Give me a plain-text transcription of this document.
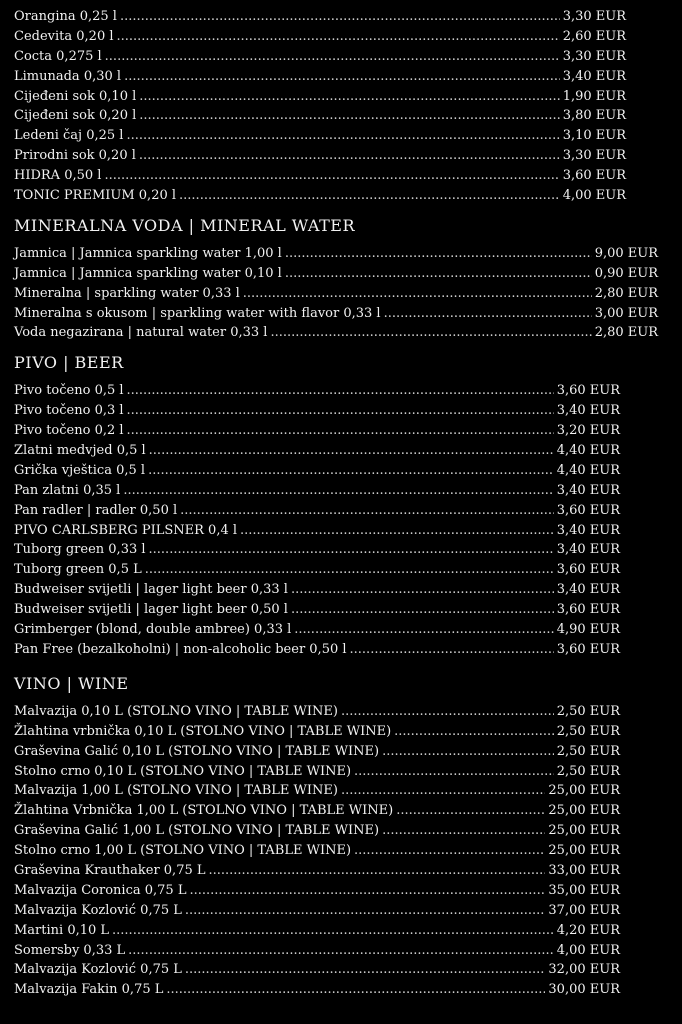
Orangina 0,25 l .....	3,30 EUR
Cedevita 0,20 l .....	2,60 EUR
Cocta 0,275 l .....	3,30 EUR
Limunada 0,30 l .....	3,40 EUR
Cijeđeni sok 0,10 l .....	1,90 EUR
Cijeđeni sok 0,20 l .....	3,80 EUR
Ledeni čaj 0,25 l .....	3,10 EUR
Prirodni sok 0,20 l .....	3,30 EUR
HIDRA 0,50 l .....	3,60 EUR
TONIC PREMIUM 0,20 l .....	4,00 EUR
MINERALNA VODA | MINERAL WATER
Jamnica | Jamnica sparkling water 1,00 l .....	9,00 EUR
Jamnica | Jamnica sparkling water 0,10 l .....	0,90 EUR
Mineralna | sparkling water 0,33 l .....	2,80 EUR
Mineralna s okusom | sparkling water with flavor 0,33 l .....	3,00 EUR
Voda negazirana | natural water 0,33 l .....	2,80 EUR
PIVO | BEER
Pivo točeno 0,5 l .....	3,60 EUR
Pivo točeno 0,3 l .....	3,40 EUR
Pivo točeno 0,2 l .....	3,20 EUR
Zlatni medvjed 0,5 l .....	4,40 EUR
Grička vještica 0,5 l .....	4,40 EUR
Pan zlatni 0,35 l .....	3,40 EUR
Pan radler | radler 0,50 l .....	3,60 EUR
PIVO CARLSBERG PILSNER 0,4 l .....	3,40 EUR
Tuborg green 0,33 l .....	3,40 EUR
Tuborg green 0,5 L .....	3,60 EUR
Budweiser svijetli | lager light beer 0,33 l .....	3,40 EUR
Budweiser svijetli | lager light beer 0,50 l .....	3,60 EUR
Grimberger (blond, double ambree) 0,33 l .....	4,90 EUR
Pan Free (bezalkoholni) | non-alcoholic beer 0,50 l .....	3,60 EUR
VINO | WINE
Malvazija 0,10 L (STOLNO VINO | TABLE WINE) .....	2,50 EUR
Žlahtina vrbnička 0,10 L (STOLNO VINO | TABLE WINE) .....	2,50 EUR
Graševina Galić 0,10 L (STOLNO VINO | TABLE WINE) .....	2,50 EUR
Stolno crno 0,10 L (STOLNO VINO | TABLE WINE) .....	2,50 EUR
Malvazija 1,00 L (STOLNO VINO | TABLE WINE) .....	25,00 EUR
Žlahtina Vrbnička 1,00 L (STOLNO VINO | TABLE WINE) .....	25,00 EUR
Graševina Galić 1,00 L (STOLNO VINO | TABLE WINE) .....	25,00 EUR
Stolno crno 1,00 L (STOLNO VINO | TABLE WINE) .....	25,00 EUR
Graševina Krauthaker 0,75 L .....	33,00 EUR
Malvazija Coronica 0,75 L .....	35,00 EUR
Malvazija Kozlović 0,75 L .....	37,00 EUR
Martini 0,10 L .....	4,20 EUR
Somersby 0,33 L .....	4,00 EUR
Malvazija Kozlović 0,75 L .....	32,00 EUR
Malvazija Fakin 0,75 L .....	30,00 EUR
